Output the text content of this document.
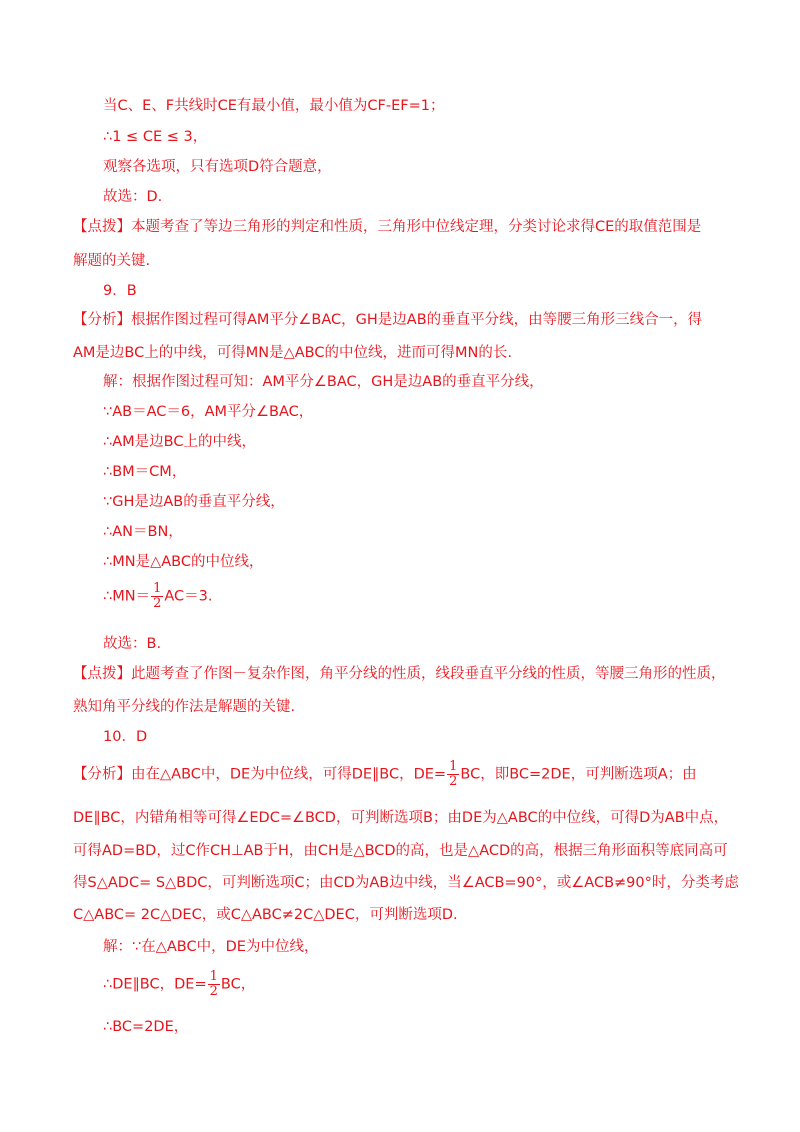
当C、E、F共线时CE有最小值，最小值为CF-EF=1；
∴1 ≤ CE ≤ 3，
观察各选项，只有选项D符合题意，
故选：D.
【点拨】本题考查了等边三角形的判定和性质，三角形中位线定理，分类讨论求得CE的取值范围是
解题的关键.
9．B
【分析】根据作图过程可得AM平分∠BAC，GH是边AB的垂直平分线，由等腰三角形三线合一，得
AM是边BC上的中线，可得MN是△ABC的中位线，进而可得MN的长.
解：根据作图过程可知：AM平分∠BAC，GH是边AB的垂直平分线，
∵AB＝AC＝6，AM平分∠BAC，
∴AM是边BC上的中线，
∴BM＝CM，
∵GH是边AB的垂直平分线，
∴AN＝BN，
∴MN是△ABC的中位线，
∴MN＝ $\frac{1}{2} AC=3$.
故选：B.
【点拨】此题考查了作图－复杂作图，角平分线的性质，线段垂直平分线的性质，等腰三角形的性质，
熟知角平分线的作法是解题的关键.
10．D
【分析】由在△ABC中，DE为中位线，可得DE∥BC，$DE= \frac{1}{2}$ BC，即BC=2DE，可判断选项A；由
DE∥BC，内错角相等可得∠EDC=∠BCD，可判断选项B；由DE为△ABC的中位线，可得D为AB中点，
可得AD=BD，过C作CH⊥AB于H，由CH是△BCD的高，也是△ACD的高，根据三角形面积等底同高可
得S△ADC= S△BDC，可判断选项C；由CD为AB边中线，当∠ACB=90°，或∠ACB≠90°时，分类考虑
C△ABC= 2C△DEC，或C△ABC≠2C△DEC，可判断选项D.
解：∵在△ABC中，DE为中位线，
∴DE∥BC，$DE= \frac{1}{2}$ BC，
∴BC=2DE，
